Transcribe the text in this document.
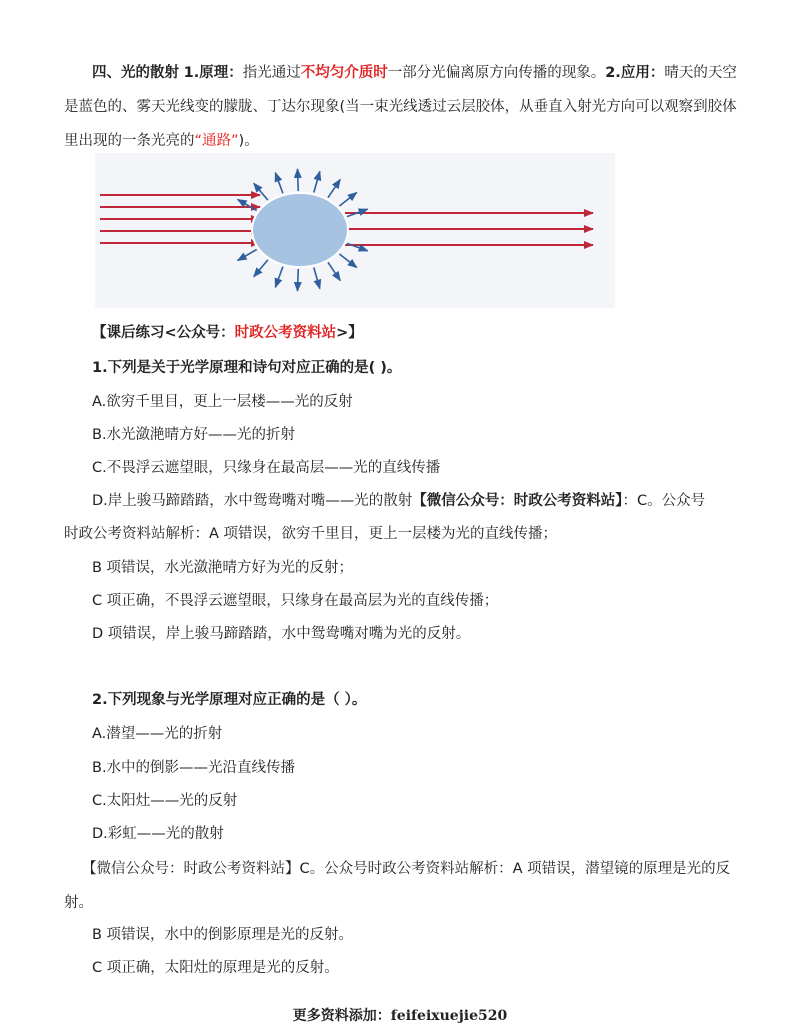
四、光的散射 1.原理：指光通过不均匀介质时一部分光偏离原方向传播的现象。2.应用：晴天的天空是蓝色的、雾天光线变的朦胧、丁达尔现象(当一束光线透过云层胶体，从垂直入射光方向可以观察到胶体里出现的一条光亮的“通路”)。

【课后练习<公众号：时政公考资料站>】

1.下列是关于光学原理和诗句对应正确的是( )。

A.欲穷千里目，更上一层楼——光的反射

B.水光潋滟晴方好——光的折射

C.不畏浮云遮望眼，只缘身在最高层——光的直线传播

D.岸上骏马蹄踏踏，水中鸳鸯嘴对嘴——光的散射【微信公众号：时政公考资料站】：C。公众号

时政公考资料站解析：A 项错误，欲穷千里目，更上一层楼为光的直线传播；

B 项错误，水光潋滟晴方好为光的反射；

C 项正确，不畏浮云遮望眼，只缘身在最高层为光的直线传播；

D 项错误，岸上骏马蹄踏踏，水中鸳鸯嘴对嘴为光的反射。

2.下列现象与光学原理对应正确的是（ ）。

A.潜望——光的折射

B.水中的倒影——光沿直线传播

C.太阳灶——光的反射

D.彩虹——光的散射

【微信公众号：时政公考资料站】C。公众号时政公考资料站解析：A 项错误，潜望镜的原理是光的反射。

B 项错误，水中的倒影原理是光的反射。

C 项正确，太阳灶的原理是光的反射。

更多资料添加：feifeixuejie520
